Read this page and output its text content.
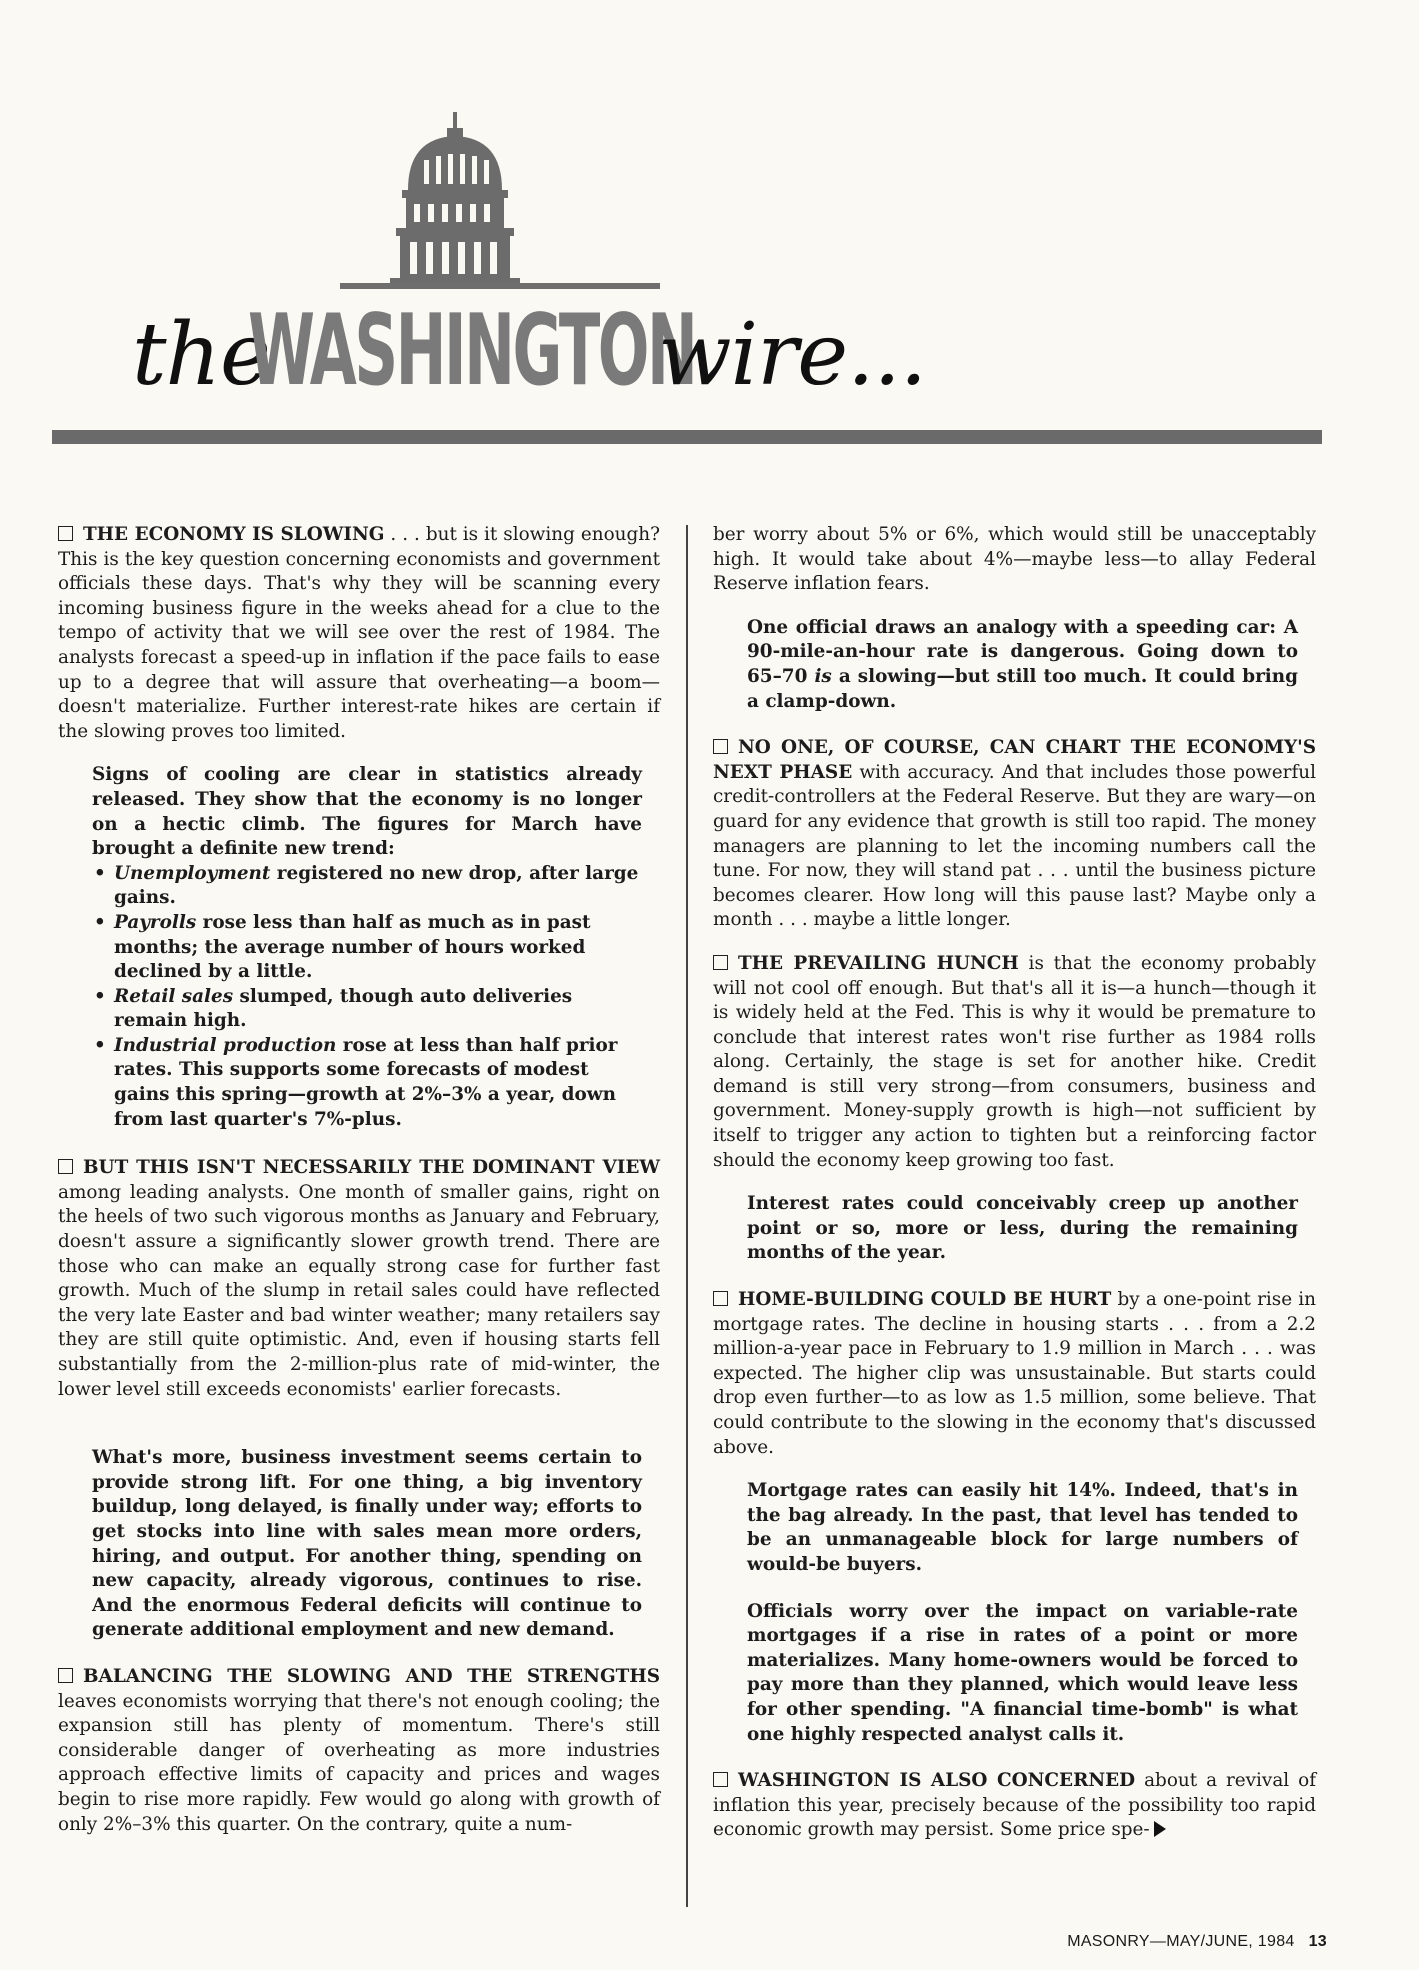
the
WASHINGTON
wire...

THE ECONOMY IS SLOWING . . . but is it slowing enough? This is the key question concerning economists and government officials these days. That's why they will be scanning every incoming business figure in the weeks ahead for a clue to the tempo of activity that we will see over the rest of 1984. The analysts forecast a speed-up in inflation if the pace fails to ease up to a degree that will assure that overheating—a boom—doesn't materialize. Further interest-rate hikes are certain if the slowing proves too limited.

Signs of cooling are clear in statistics already released. They show that the economy is no longer on a hectic climb. The figures for March have brought a definite new trend:

• Unemployment registered no new drop, after large gains.
• Payrolls rose less than half as much as in past months; the average number of hours worked declined by a little.
• Retail sales slumped, though auto deliveries remain high.
• Industrial production rose at less than half prior rates. This supports some forecasts of modest gains this spring—growth at 2%–3% a year, down from last quarter's 7%-plus.

BUT THIS ISN'T NECESSARILY THE DOMINANT VIEW among leading analysts. One month of smaller gains, right on the heels of two such vigorous months as January and February, doesn't assure a significantly slower growth trend. There are those who can make an equally strong case for further fast growth. Much of the slump in retail sales could have reflected the very late Easter and bad winter weather; many retailers say they are still quite optimistic. And, even if housing starts fell substantially from the 2-million-plus rate of mid-winter, the lower level still exceeds economists' earlier forecasts.

What's more, business investment seems certain to provide strong lift. For one thing, a big inventory buildup, long delayed, is finally under way; efforts to get stocks into line with sales mean more orders, hiring, and output. For another thing, spending on new capacity, already vigorous, continues to rise. And the enormous Federal deficits will continue to generate additional employment and new demand.

BALANCING THE SLOWING AND THE STRENGTHS leaves economists worrying that there's not enough cooling; the expansion still has plenty of momentum. There's still considerable danger of overheating as more industries approach effective limits of capacity and prices and wages begin to rise more rapidly. Few would go along with growth of only 2%–3% this quarter. On the contrary, quite a num-

ber worry about 5% or 6%, which would still be unacceptably high. It would take about 4%—maybe less—to allay Federal Reserve inflation fears.

One official draws an analogy with a speeding car: A 90-mile-an-hour rate is dangerous. Going down to 65–70 is a slowing—but still too much. It could bring a clamp-down.

NO ONE, OF COURSE, CAN CHART THE ECONOMY'S NEXT PHASE with accuracy. And that includes those powerful credit-controllers at the Federal Reserve. But they are wary—on guard for any evidence that growth is still too rapid. The money managers are planning to let the incoming numbers call the tune. For now, they will stand pat . . . until the business picture becomes clearer. How long will this pause last? Maybe only a month . . . maybe a little longer.

THE PREVAILING HUNCH is that the economy probably will not cool off enough. But that's all it is—a hunch—though it is widely held at the Fed. This is why it would be premature to conclude that interest rates won't rise further as 1984 rolls along. Certainly, the stage is set for another hike. Credit demand is still very strong—from consumers, business and government. Money-supply growth is high—not sufficient by itself to trigger any action to tighten but a reinforcing factor should the economy keep growing too fast.

Interest rates could conceivably creep up another point or so, more or less, during the remaining months of the year.

HOME-BUILDING COULD BE HURT by a one-point rise in mortgage rates. The decline in housing starts . . . from a 2.2 million-a-year pace in February to 1.9 million in March . . . was expected. The higher clip was unsustainable. But starts could drop even further—to as low as 1.5 million, some believe. That could contribute to the slowing in the economy that's discussed above.

Mortgage rates can easily hit 14%. Indeed, that's in the bag already. In the past, that level has tended to be an unmanageable block for large numbers of would-be buyers.

Officials worry over the impact on variable-rate mortgages if a rise in rates of a point or more materializes. Many home-owners would be forced to pay more than they planned, which would leave less for other spending. "A financial time-bomb" is what one highly respected analyst calls it.

WASHINGTON IS ALSO CONCERNED about a revival of inflation this year, precisely because of the possibility too rapid economic growth may persist. Some price spe-

MASONRY—MAY/JUNE, 1984 13
